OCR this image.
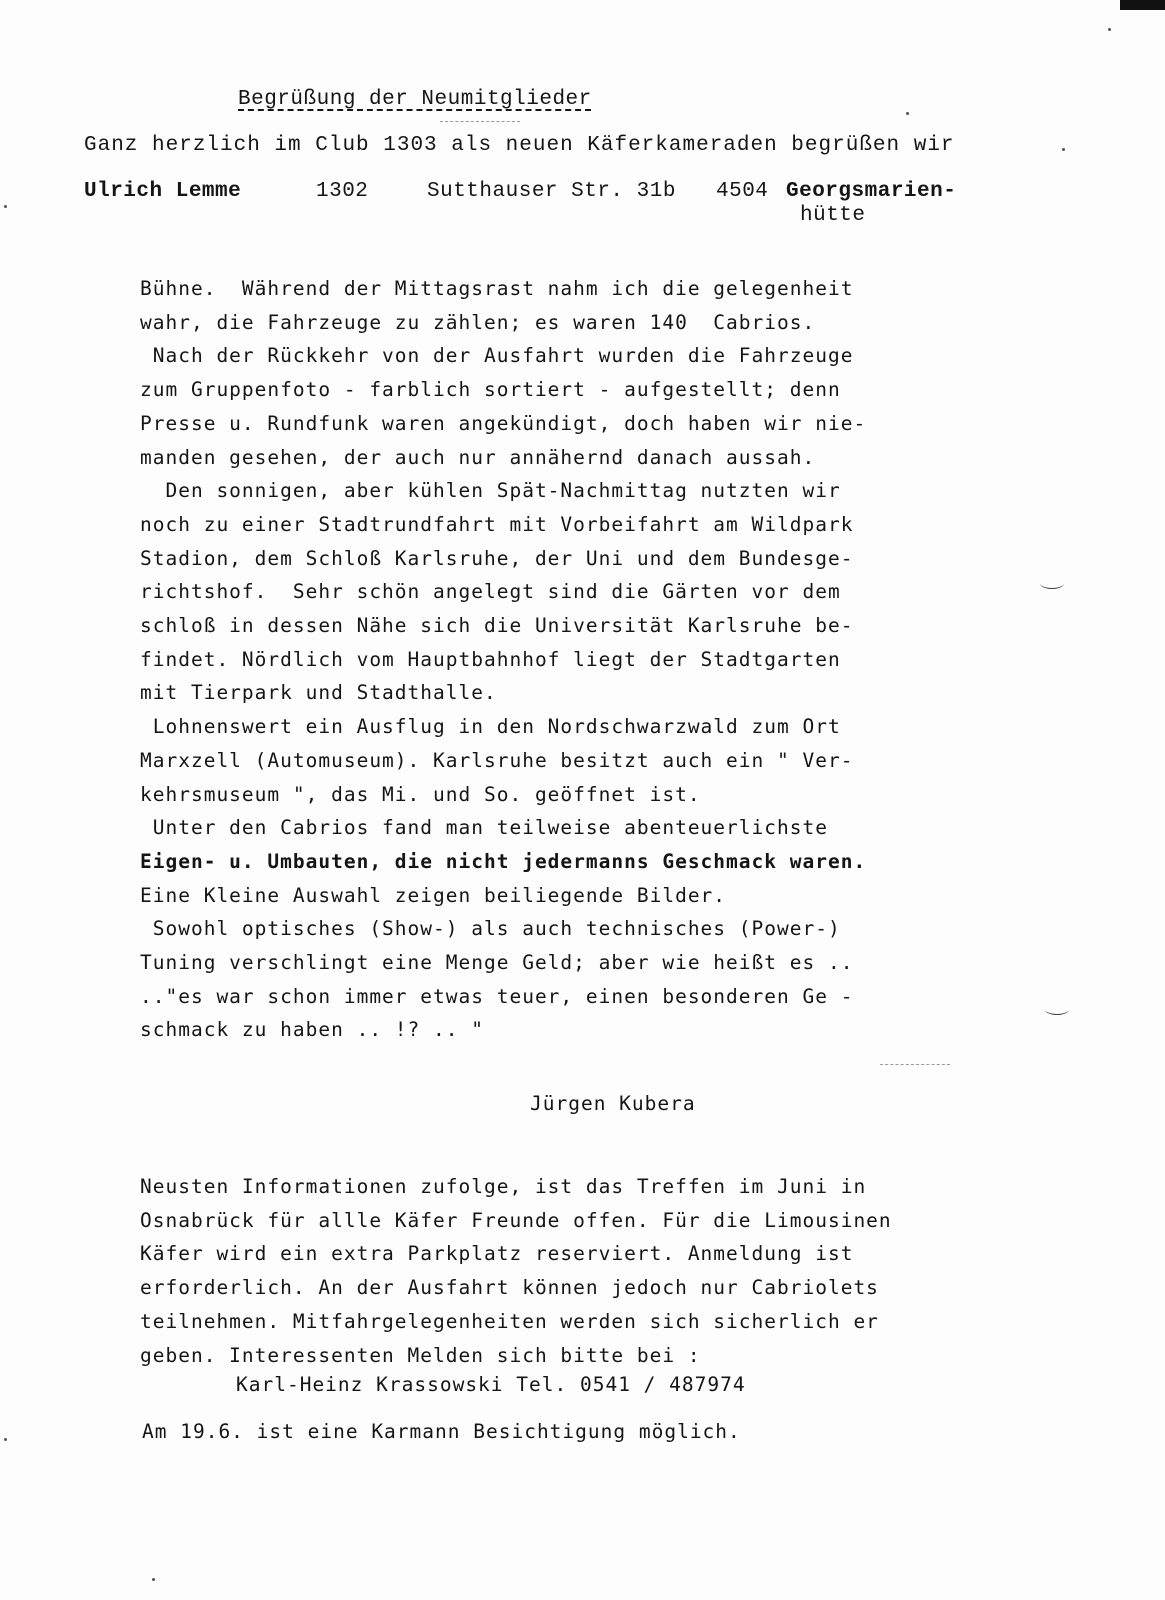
Begrüßung der Neumitglieder
Ganz herzlich im Club 1303 als neuen Käferkameraden begrüßen wir
Ulrich Lemme	1302	Sutthauser Str. 31b 4504 Georgsmarien-
hütte
Bühne.  Während der Mittagsrast nahm ich die gelegenheit
wahr, die Fahrzeuge zu zählen; es waren 140  Cabrios.
Nach der Rückkehr von der Ausfahrt wurden die Fahrzeuge
zum Gruppenfoto - farblich sortiert - aufgestellt; denn
Presse u. Rundfunk waren angekündigt, doch haben wir nie-
manden gesehen, der auch nur annähernd danach aussah.
Den sonnigen, aber kühlen Spät-Nachmittag nutzten wir
noch zu einer Stadtrundfahrt mit Vorbeifahrt am Wildpark
Stadion, dem Schloß Karlsruhe, der Uni und dem Bundesge-
richtshof.  Sehr schön angelegt sind die Gärten vor dem
schloß in dessen Nähe sich die Universität Karlsruhe be-
findet. Nördlich vom Hauptbahnhof liegt der Stadtgarten
mit Tierpark und Stadthalle.
Lohnenswert ein Ausflug in den Nordschwarzwald zum Ort
Marxzell (Automuseum). Karlsruhe besitzt auch ein " Ver-
kehrsmuseum ", das Mi. und So. geöffnet ist.
Unter den Cabrios fand man teilweise abenteuerlichste
Eigen- u. Umbauten, die nicht jedermanns Geschmack waren.
Eine Kleine Auswahl zeigen beiliegende Bilder.
Sowohl optisches (Show-) als auch technisches (Power-)
Tuning verschlingt eine Menge Geld; aber wie heißt es ..
.."es war schon immer etwas teuer, einen besonderen Ge -
schmack zu haben .. !? .. "
Jürgen Kubera
Neusten Informationen zufolge, ist das Treffen im Juni in
Osnabrück für allle Käfer Freunde offen. Für die Limousinen
Käfer wird ein extra Parkplatz reserviert. Anmeldung ist
erforderlich. An der Ausfahrt können jedoch nur Cabriolets
teilnehmen. Mitfahrgelegenheiten werden sich sicherlich er
geben. Interessenten Melden sich bitte bei :
Karl-Heinz Krassowski Tel. 0541 / 487974
Am 19.6. ist eine Karmann Besichtigung möglich.
